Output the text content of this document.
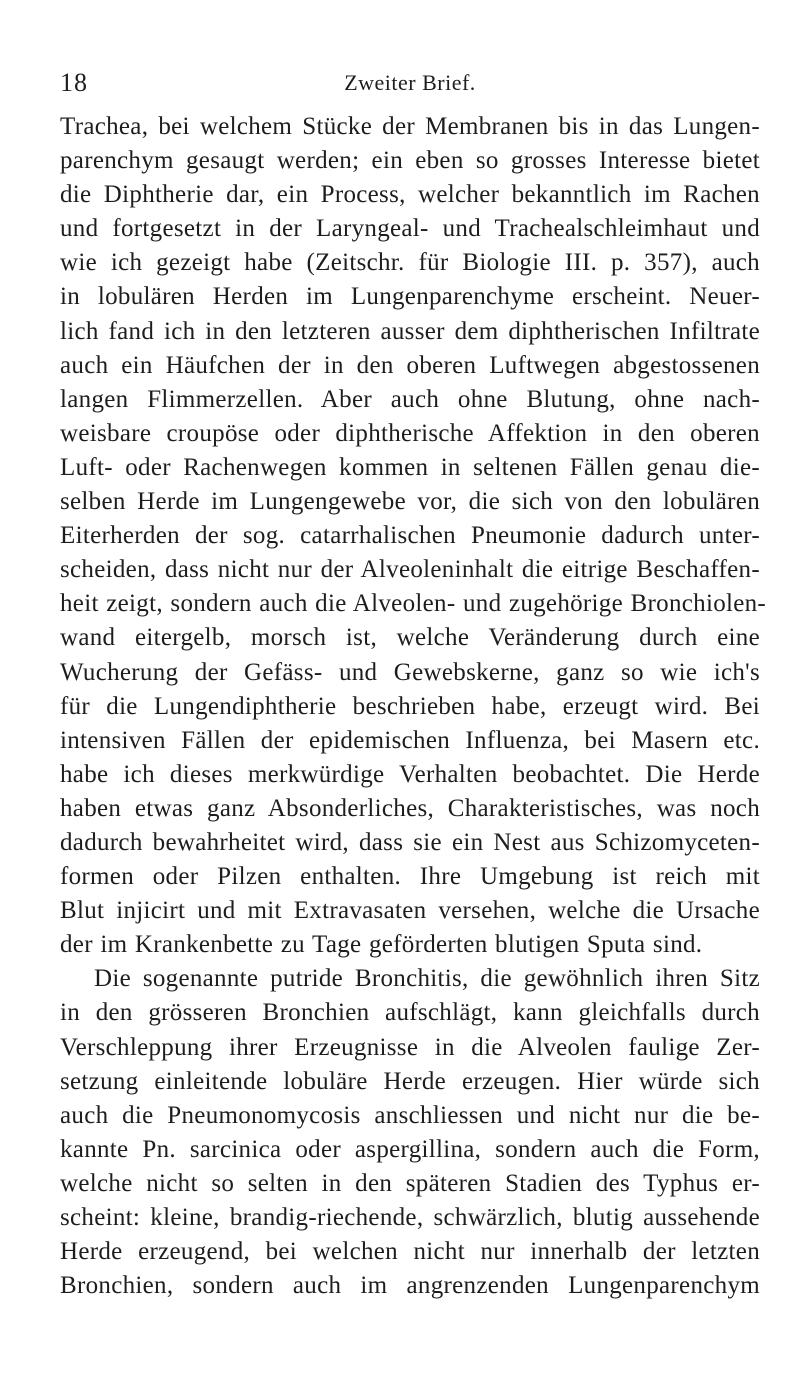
18	Zweiter Brief.
Trachea, bei welchem Stücke der Membranen bis in das Lungen-
parenchym gesaugt werden; ein eben so grosses Interesse bietet
die Diphtherie dar, ein Process, welcher bekanntlich im Rachen
und fortgesetzt in der Laryngeal- und Trachealschleimhaut und
wie ich gezeigt habe (Zeitschr. für Biologie III. p. 357), auch
in lobulären Herden im Lungenparenchyme erscheint. Neuer-
lich fand ich in den letzteren ausser dem diphtherischen Infiltrate
auch ein Häufchen der in den oberen Luftwegen abgestossenen
langen Flimmerzellen. Aber auch ohne Blutung, ohne nach-
weisbare croupöse oder diphtherische Affektion in den oberen
Luft- oder Rachenwegen kommen in seltenen Fällen genau die-
selben Herde im Lungengewebe vor, die sich von den lobulären
Eiterherden der sog. catarrhalischen Pneumonie dadurch unter-
scheiden, dass nicht nur der Alveoleninhalt die eitrige Beschaffen-
heit zeigt, sondern auch die Alveolen- und zugehörige Bronchiolen-
wand eitergelb, morsch ist, welche Veränderung durch eine
Wucherung der Gefäss- und Gewebskerne, ganz so wie ich's
für die Lungendiphtherie beschrieben habe, erzeugt wird. Bei
intensiven Fällen der epidemischen Influenza, bei Masern etc.
habe ich dieses merkwürdige Verhalten beobachtet. Die Herde
haben etwas ganz Absonderliches, Charakteristisches, was noch
dadurch bewahrheitet wird, dass sie ein Nest aus Schizomyceten-
formen oder Pilzen enthalten. Ihre Umgebung ist reich mit
Blut injicirt und mit Extravasaten versehen, welche die Ursache
der im Krankenbette zu Tage geförderten blutigen Sputa sind.
Die sogenannte putride Bronchitis, die gewöhnlich ihren Sitz
in den grösseren Bronchien aufschlägt, kann gleichfalls durch
Verschleppung ihrer Erzeugnisse in die Alveolen faulige Zer-
setzung einleitende lobuläre Herde erzeugen. Hier würde sich
auch die Pneumonomycosis anschliessen und nicht nur die be-
kannte Pn. sarcinica oder aspergillina, sondern auch die Form,
welche nicht so selten in den späteren Stadien des Typhus er-
scheint: kleine, brandig-riechende, schwärzlich, blutig aussehende
Herde erzeugend, bei welchen nicht nur innerhalb der letzten
Bronchien, sondern auch im angrenzenden Lungenparenchym
